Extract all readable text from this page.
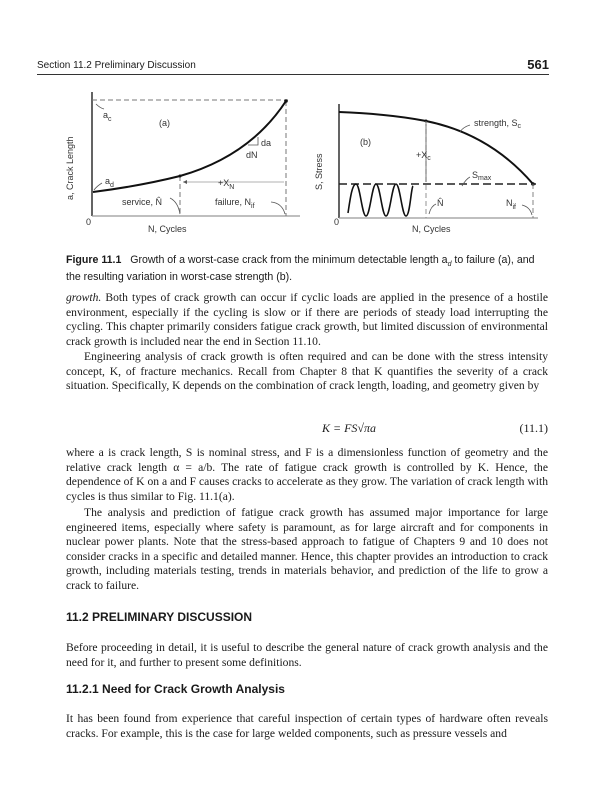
Section 11.2 Preliminary Discussion	561
a, Crack Length
0
N, Cycles
(a)
$a_c$
$a_d$
da
dN
$+X_N$
service, N̂	failure, $N_{if}$
S, Stress
0
N, Cycles
(b)
strength, $S_c$
$+X_c$
$S_{max}$
N̂	$N_{if}$
Figure 11.1 Growth of a worst-case crack from the minimum detectable length $a_d$ to failure (a), and the resulting variation in worst-case strength (b).

growth. Both types of crack growth can occur if cyclic loads are applied in the presence of a hostile environment, especially if the cycling is slow or if there are periods of steady load interrupting the cycling. This chapter primarily considers fatigue crack growth, but limited discussion of environmental crack growth is included near the end in Section 11.10.

Engineering analysis of crack growth is often required and can be done with the stress intensity concept, K, of fracture mechanics. Recall from Chapter 8 that K quantifies the severity of a crack situation. Specifically, K depends on the combination of crack length, loading, and geometry given by

K = FS√πa	(11.1)

where a is crack length, S is nominal stress, and F is a dimensionless function of geometry and the relative crack length α = a/b. The rate of fatigue crack growth is controlled by K. Hence, the dependence of K on a and F causes cracks to accelerate as they grow. The variation of crack length with cycles is thus similar to Fig. 11.1(a).

The analysis and prediction of fatigue crack growth has assumed major importance for large engineered items, especially where safety is paramount, as for large aircraft and for components in nuclear power plants. Note that the stress-based approach to fatigue of Chapters 9 and 10 does not consider cracks in a specific and detailed manner. Hence, this chapter provides an introduction to crack growth, including materials testing, trends in materials behavior, and prediction of the life to grow a crack to failure.

11.2 PRELIMINARY DISCUSSION

Before proceeding in detail, it is useful to describe the general nature of crack growth analysis and the need for it, and further to present some definitions.

11.2.1 Need for Crack Growth Analysis

It has been found from experience that careful inspection of certain types of hardware often reveals cracks. For example, this is the case for large welded components, such as pressure vessels and
